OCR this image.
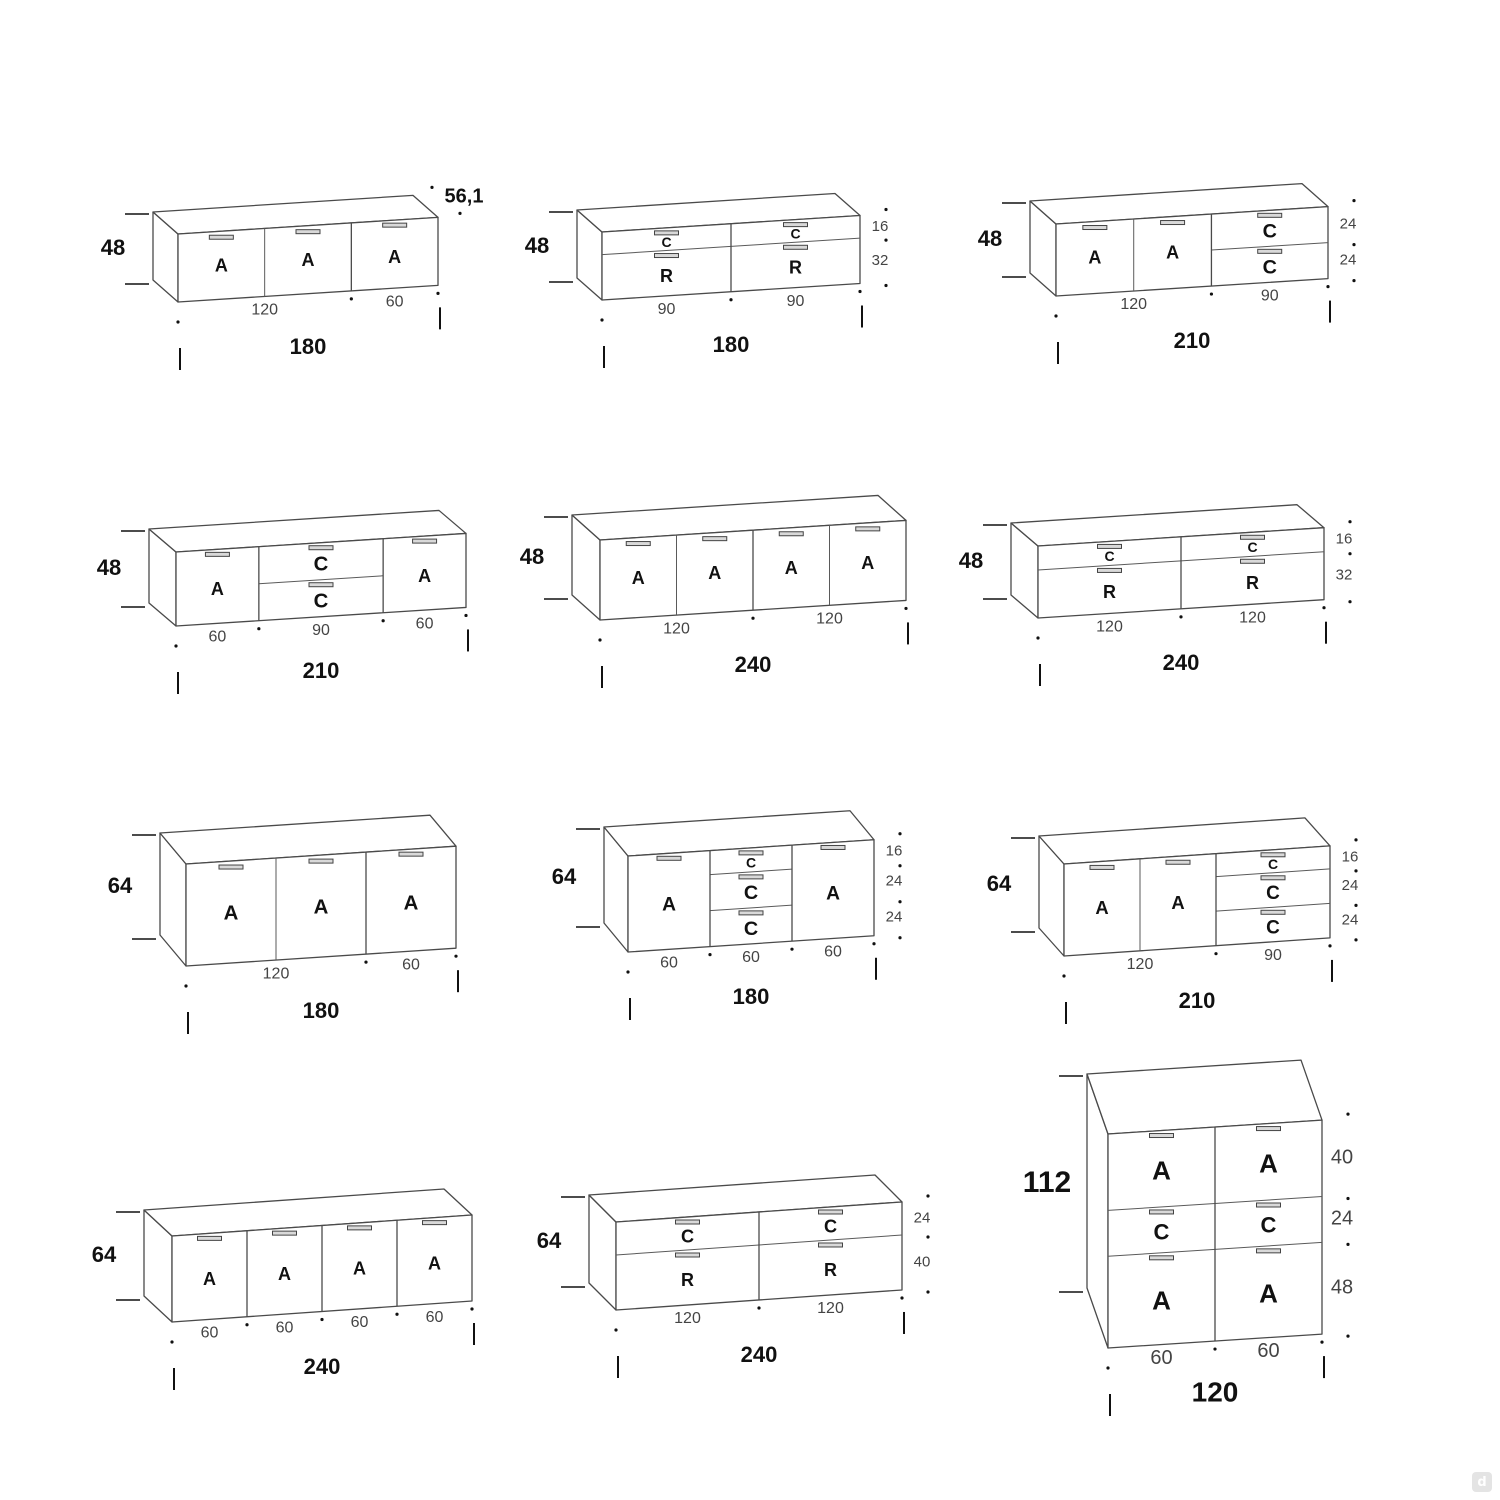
A	A	A
48
120	60
180
56,1
C
R
C
R
48
90	90
180
16
32	A	A
C
C
48
120
90
210
24
24
A
C
C
A
48
60	90	60
210
A	A	A	A
48
120
120
240
C
R
C
R
48
120
120
240
16
32
A	A	A
64
120
60
180
A
C
C
C
A
64
60	60	60
180
16
24
24	A	A
C
C
C
64
120
90
210
16
24
24
A	A	A	A
64
60	60	60	60
240
C
R
C
R
64
120
120
240
24
40
A
C
A
A
C
A
112
60	60
120
40
24
48
d
